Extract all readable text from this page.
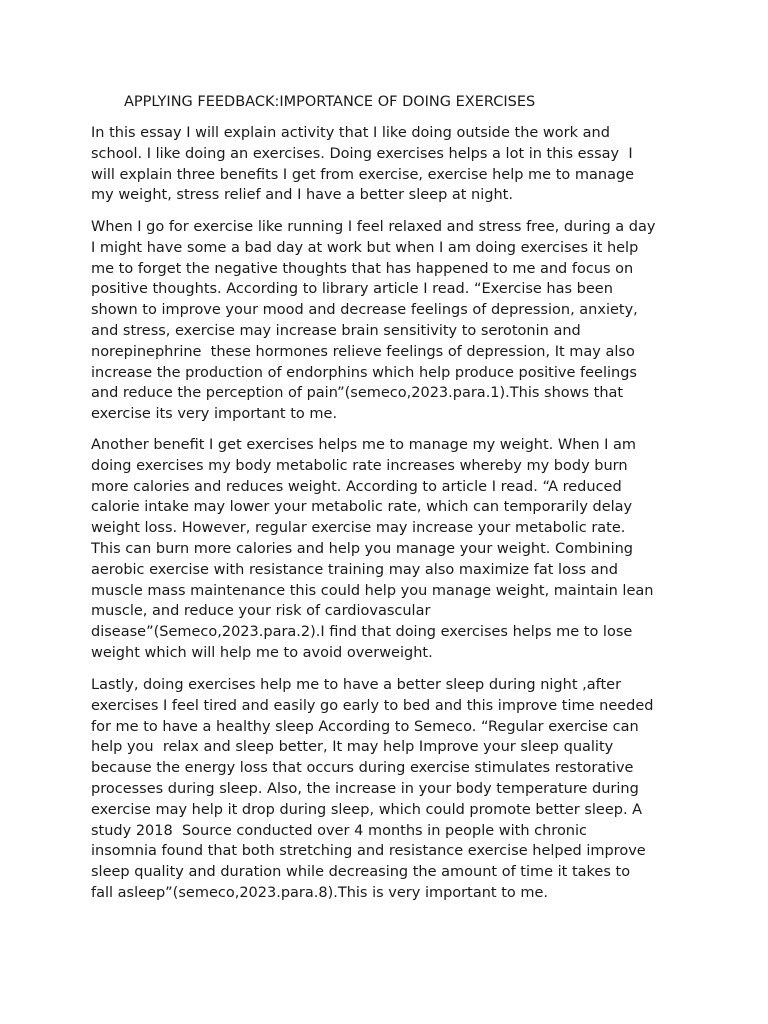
APPLYING FEEDBACK:IMPORTANCE OF DOING EXERCISES

In this essay I will explain activity that I like doing outside the work and
school. I like doing an exercises. Doing exercises helps a lot in this essay  I
will explain three benefits I get from exercise, exercise help me to manage
my weight, stress relief and I have a better sleep at night.

When I go for exercise like running I feel relaxed and stress free, during a day
I might have some a bad day at work but when I am doing exercises it help
me to forget the negative thoughts that has happened to me and focus on
positive thoughts. According to library article I read. “Exercise has been
shown to improve your mood and decrease feelings of depression, anxiety,
and stress, exercise may increase brain sensitivity to serotonin and
norepinephrine  these hormones relieve feelings of depression, It may also
increase the production of endorphins which help produce positive feelings
and reduce the perception of pain”(semeco,2023.para.1).This shows that
exercise its very important to me.

Another benefit I get exercises helps me to manage my weight. When I am
doing exercises my body metabolic rate increases whereby my body burn
more calories and reduces weight. According to article I read. “A reduced
calorie intake may lower your metabolic rate, which can temporarily delay
weight loss. However, regular exercise may increase your metabolic rate.
This can burn more calories and help you manage your weight. Combining
aerobic exercise with resistance training may also maximize fat loss and
muscle mass maintenance this could help you manage weight, maintain lean
muscle, and reduce your risk of cardiovascular
disease”(Semeco,2023.para.2).I find that doing exercises helps me to lose
weight which will help me to avoid overweight.

Lastly, doing exercises help me to have a better sleep during night ,after
exercises I feel tired and easily go early to bed and this improve time needed
for me to have a healthy sleep According to Semeco. “Regular exercise can
help you  relax and sleep better, It may help Improve your sleep quality
because the energy loss that occurs during exercise stimulates restorative
processes during sleep. Also, the increase in your body temperature during
exercise may help it drop during sleep, which could promote better sleep. A
study 2018  Source conducted over 4 months in people with chronic
insomnia found that both stretching and resistance exercise helped improve
sleep quality and duration while decreasing the amount of time it takes to
fall asleep”(semeco,2023.para.8).This is very important to me.
